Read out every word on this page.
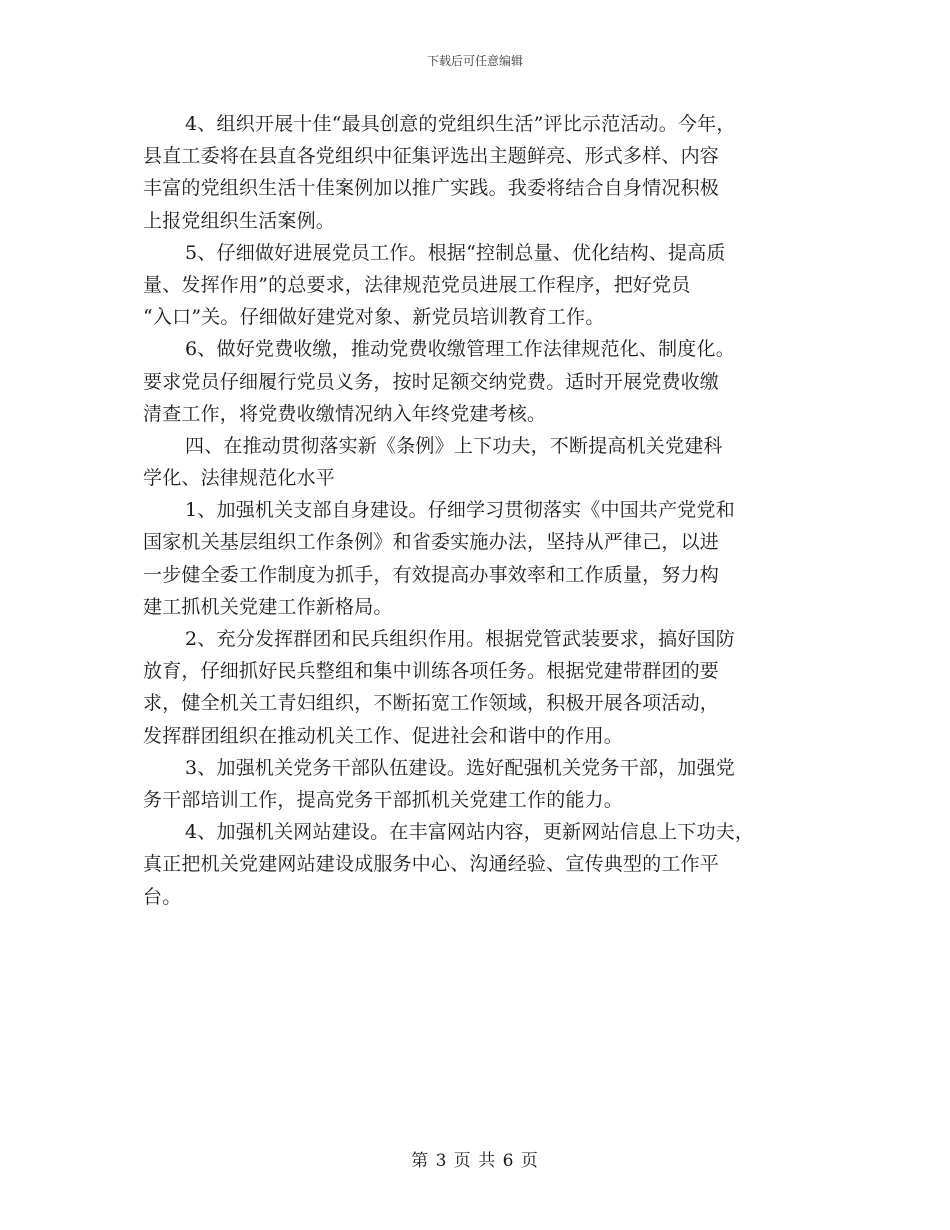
下载后可任意编辑
4、组织开展十佳“最具创意的党组织生活”评比示范活动。今年，
县直工委将在县直各党组织中征集评选出主题鲜亮、形式多样、内容
丰富的党组织生活十佳案例加以推广实践。我委将结合自身情况积极
上报党组织生活案例。
5、仔细做好进展党员工作。根据“控制总量、优化结构、提高质
量、发挥作用”的总要求，法律规范党员进展工作程序，把好党员
“入口”关。仔细做好建党对象、新党员培训教育工作。
6、做好党费收缴，推动党费收缴管理工作法律规范化、制度化。
要求党员仔细履行党员义务，按时足额交纳党费。适时开展党费收缴
清查工作，将党费收缴情况纳入年终党建考核。
四、在推动贯彻落实新《条例》上下功夫，不断提高机关党建科
学化、法律规范化水平
1、加强机关支部自身建设。仔细学习贯彻落实《中国共产党党和
国家机关基层组织工作条例》和省委实施办法，坚持从严律己，以进
一步健全委工作制度为抓手，有效提高办事效率和工作质量，努力构
建工抓机关党建工作新格局。
2、充分发挥群团和民兵组织作用。根据党管武装要求，搞好国防
放育，仔细抓好民兵整组和集中训练各项任务。根据党建带群团的要
求，健全机关工青妇组织，不断拓宽工作领域，积极开展各项活动，
发挥群团组织在推动机关工作、促进社会和谐中的作用。
3、加强机关党务干部队伍建设。选好配强机关党务干部，加强党
务干部培训工作，提高党务干部抓机关党建工作的能力。
4、加强机关网站建设。在丰富网站内容，更新网站信息上下功夫，
真正把机关党建网站建设成服务中心、沟通经验、宣传典型的工作平
台。
第 3 页 共 6 页
